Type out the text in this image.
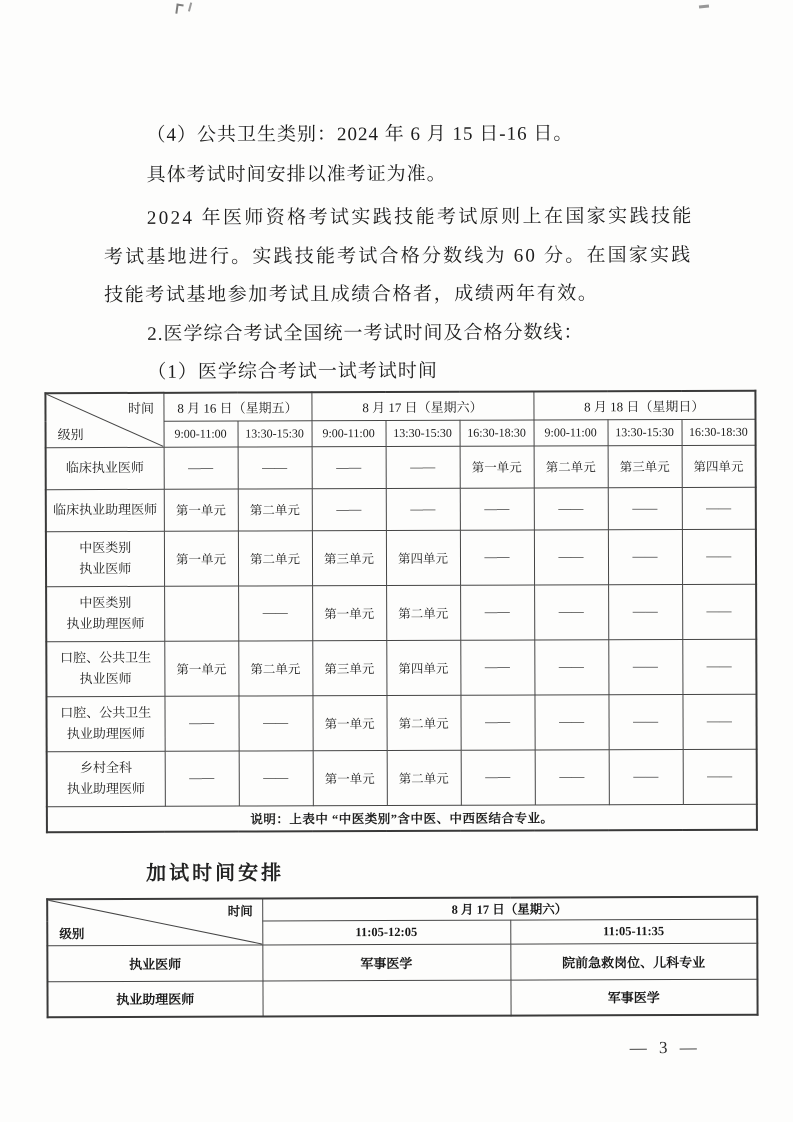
（4）公共卫生类别：2024 年 6 月 15 日-16 日。
具体考试时间安排以准考证为准。
2024 年医师资格考试实践技能考试原则上在国家实践技能
考试基地进行。实践技能考试合格分数线为 60 分。在国家实践
技能考试基地参加考试且成绩合格者，成绩两年有效。
2.医学综合考试全国统一考试时间及合格分数线：
（1）医学综合考试一试考试时间
时间
级别	8 月 16 日（星期五）		8 月 17 日（星期六）			8 月 18 日（星期日）		
	9:00-11:00	13:30-15:30	9:00-11:00	13:30-15:30	16:30-18:30	9:00-11:00	13:30-15:30	16:30-18:30
临床执业医师	——	——	——	——	第一单元	第二单元	第三单元	第四单元
临床执业助理医师	第一单元	第二单元	——	——	——	——	——	——

中医类别
执业医师	第一单元	第二单元	第三单元	第四单元	——	——	——	——

中医类别
执业助理医师		——	第一单元	第二单元	——	——	——	——

口腔、公共卫生
执业医师	第一单元	第二单元	第三单元	第四单元	——	——	——	——

口腔、公共卫生
执业助理医师	——	——	第一单元	第二单元	——	——	——	——

乡村全科
执业助理医师	——	——	第一单元	第二单元	——	——	——	——
说明：上表中 “中医类别”含中医、中西医结合专业。								
加试时间安排
时间
级别	8 月 17 日（星期六）	
	11:05-12:05	11:05-11:35
执业医师	军事医学	院前急救岗位、儿科专业
执业助理医师		军事医学
— 3 —
